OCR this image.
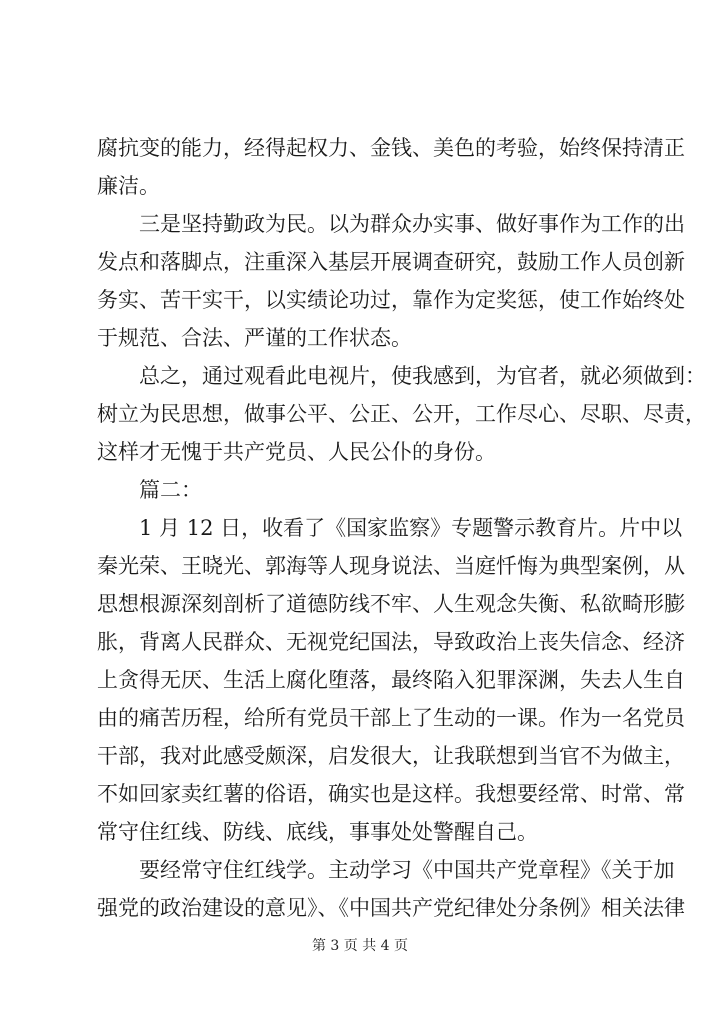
腐抗变的能力，经得起权力、金钱、美色的考验，始终保持清正
廉洁。
三是坚持勤政为民。以为群众办实事、做好事作为工作的出
发点和落脚点，注重深入基层开展调查研究，鼓励工作人员创新
务实、苦干实干，以实绩论功过，靠作为定奖惩，使工作始终处
于规范、合法、严谨的工作状态。
总之，通过观看此电视片，使我感到，为官者，就必须做到：
树立为民思想，做事公平、公正、公开，工作尽心、尽职、尽责，
这样才无愧于共产党员、人民公仆的身份。
篇二：
1 月 12 日，收看了《国家监察》专题警示教育片。片中以
秦光荣、王晓光、郭海等人现身说法、当庭忏悔为典型案例，从
思想根源深刻剖析了道德防线不牢、人生观念失衡、私欲畸形膨
胀，背离人民群众、无视党纪国法，导致政治上丧失信念、经济
上贪得无厌、生活上腐化堕落，最终陷入犯罪深渊，失去人生自
由的痛苦历程，给所有党员干部上了生动的一课。作为一名党员
干部，我对此感受颇深，启发很大，让我联想到当官不为做主，
不如回家卖红薯的俗语，确实也是这样。我想要经常、时常、常
常守住红线、防线、底线，事事处处警醒自己。
要经常守住红线学。主动学习《中国共产党章程》《关于加
强党的政治建设的意见》、《中国共产党纪律处分条例》相关法律
第 3 页 共 4 页
